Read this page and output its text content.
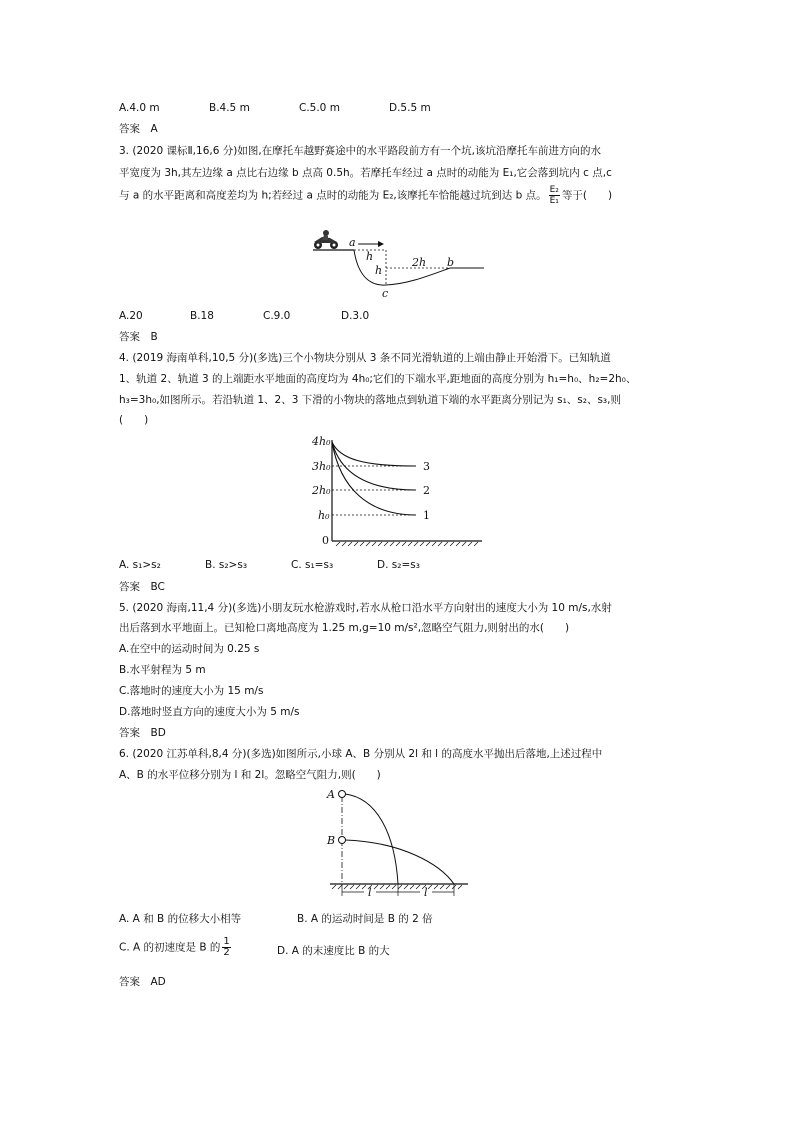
A.4.0 m	B.4.5 m	C.5.0 m	D.5.5 m
答案　A
3. (2020 课标Ⅱ,16,6 分)如图,在摩托车越野赛途中的水平路段前方有一个坑,该坑沿摩托车前进方向的水
平宽度为 3h,其左边缘 a 点比右边缘 b 点高 0.5h。若摩托车经过 a 点时的动能为 E₁,它会落到坑内 c 点,c
与 a 的水平距离和高度差均为 h;若经过 a 点时的动能为 E₂,该摩托车恰能越过坑到达 b 点。 $\frac{\text{E₂}}{\text{E₁}}$ 等于(　　)
a
h
h
2h b
c
A.20	B.18	C.9.0	D.3.0
答案　B
4. (2019 海南单科,10,5 分)(多选)三个小物块分别从 3 条不同光滑轨道的上端由静止开始滑下。已知轨道
1、轨道 2、轨道 3 的上端距水平地面的高度均为 4h₀;它们的下端水平,距地面的高度分别为 h₁=h₀、h₂=2h₀、
h₃=3h₀,如图所示。若沿轨道 1、2、3 下滑的小物块的落地点到轨道下端的水平距离分别记为 s₁、s₂、s₃,则
(　　)
4h₀
3h₀
2h₀
h₀
0
3
2
1
A. s₁>s₂	B. s₂>s₃	C. s₁=s₃	D. s₂=s₃
答案　BC
5. (2020 海南,11,4 分)(多选)小朋友玩水枪游戏时,若水从枪口沿水平方向射出的速度大小为 10 m/s,水射
出后落到水平地面上。已知枪口离地高度为 1.25 m,g=10 m/s²,忽略空气阻力,则射出的水(　　)
A.在空中的运动时间为 0.25 s
B.水平射程为 5 m
C.落地时的速度大小为 15 m/s
D.落地时竖直方向的速度大小为 5 m/s
答案　BD
6. (2020 江苏单科,8,4 分)(多选)如图所示,小球 A、B 分别从 2l 和 l 的高度水平抛出后落地,上述过程中
A、B 的水平位移分别为 l 和 2l。忽略空气阻力,则(　　)
A
B
l	l
A. A 和 B 的位移大小相等	B. A 的运动时间是 B 的 2 倍
C. A 的初速度是 B 的 $\frac{1}{2}$	D. A 的末速度比 B 的大
答案　AD
